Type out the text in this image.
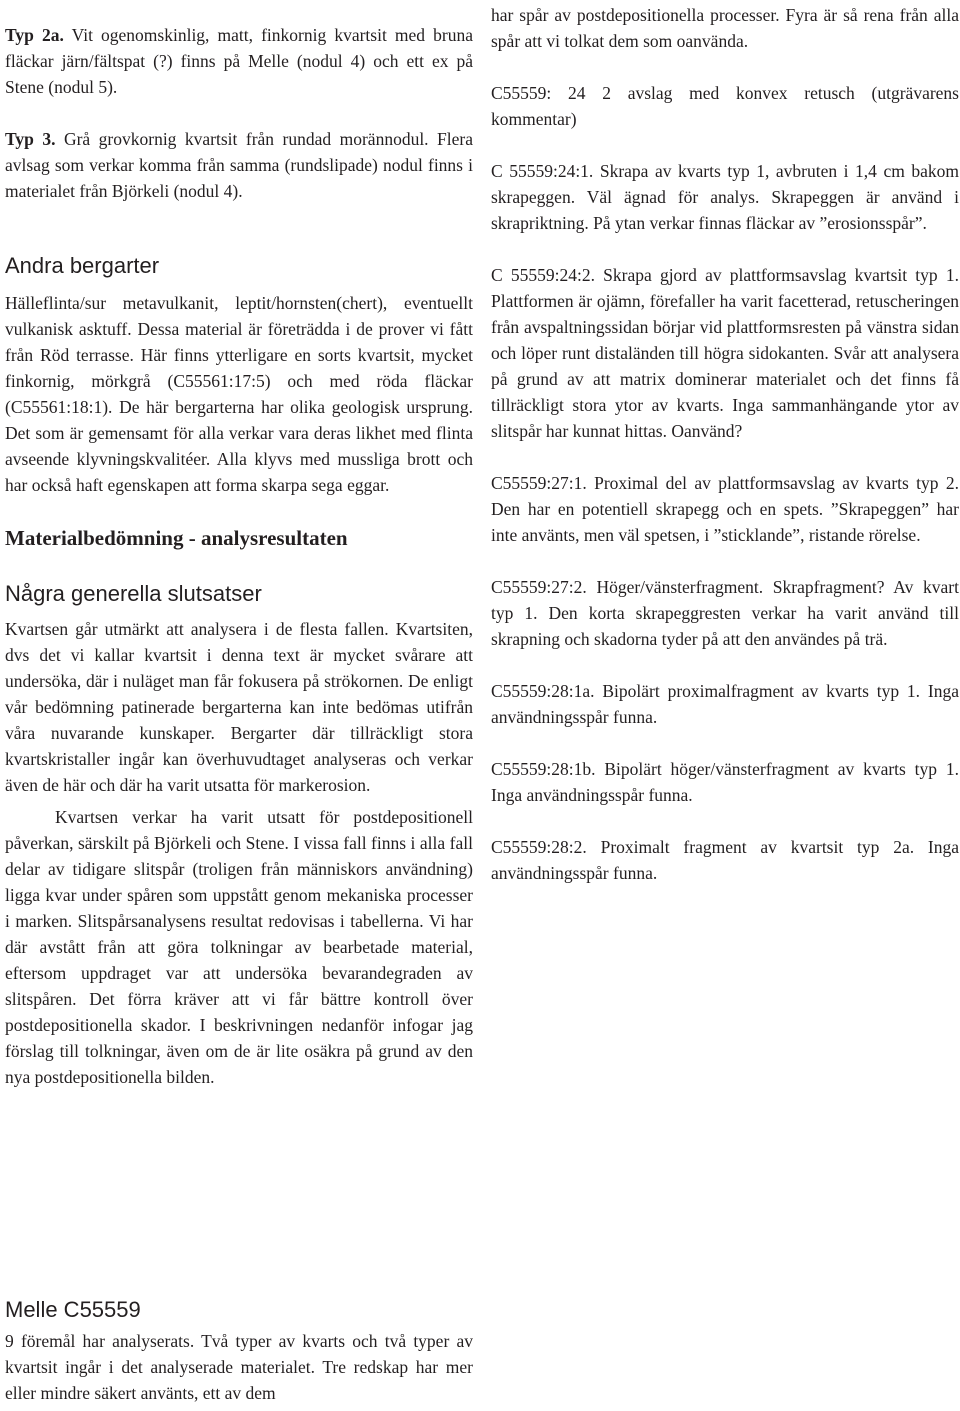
Typ 2a. Vit ogenomskinlig, matt, finkornig kvartsit med bruna fläckar järn/fältspat (?) finns på Melle (nodul 4) och ett ex på Stene (nodul 5).

Typ 3. Grå grovkornig kvartsit från rundad morännodul. Flera avlsag som verkar komma från samma (rundslipade) nodul finns i materialet från Björkeli (nodul 4).

Andra bergarter

Hälleflinta/sur metavulkanit, leptit/hornsten(chert), eventuellt vulkanisk asktuff. Dessa material är företrädda i de prover vi fått från Röd terrasse. Här finns ytterligare en sorts kvartsit, mycket finkornig, mörkgrå (C55561:17:5) och med röda fläckar (C55561:18:1). De här bergarterna har olika geologisk ursprung. Det som är gemensamt för alla verkar vara deras likhet med flinta avseende klyvningskvalitéer. Alla klyvs med mussliga brott och har också haft egenskapen att forma skarpa sega eggar.

Materialbedömning - analysresultaten
Några generella slutsatser

Kvartsen går utmärkt att analysera i de flesta fallen. Kvartsiten, dvs det vi kallar kvartsit i denna text är mycket svårare att undersöka, där i nuläget man får fokusera på strökornen. De enligt vår bedömning patinerade bergarterna kan inte bedömas utifrån våra nuvarande kunskaper. Bergarter där tillräckligt stora kvartskristaller ingår kan överhuvudtaget analyseras och verkar även de här och där ha varit utsatta för markerosion.

Kvartsen verkar ha varit utsatt för postdepositionell påverkan, särskilt på Björkeli och Stene. I vissa fall finns i alla fall delar av tidigare slitspår (troligen från människors användning) ligga kvar under spåren som uppstått genom mekaniska processer i marken. Slitspårsanalysens resultat redovisas i tabellerna. Vi har där avstått från att göra tolkningar av bearbetade material, eftersom uppdraget var att undersöka bevarandegraden av slitspåren. Det förra kräver att vi får bättre kontroll över postdepositionella skador. I beskrivningen nedanför infogar jag förslag till tolkningar, även om de är lite osäkra på grund av den nya postdepositionella bilden.

Melle C55559

9 föremål har analyserats. Två typer av kvarts och två typer av kvartsit ingår i det analyserade materialet. Tre redskap har mer eller mindre säkert använts, ett av dem

har spår av postdepositionella processer. Fyra är så rena från alla spår att vi tolkat dem som oanvända.

C55559: 24 2 avslag med konvex retusch (utgrävarens kommentar)

C 55559:24:1. Skrapa av kvarts typ 1, avbruten i 1,4 cm bakom skrapeggen. Väl ägnad för analys. Skrapeggen är använd i skrapriktning. På ytan verkar finnas fläckar av ”erosionsspår”.

C 55559:24:2. Skrapa gjord av plattformsavslag kvartsit typ 1. Plattformen är ojämn, förefaller ha varit facetterad, retuscheringen från avspaltningssidan börjar vid plattformsresten på vänstra sidan och löper runt distaländen till högra sidokanten. Svår att analysera på grund av att matrix dominerar materialet och det finns få tillräckligt stora ytor av kvarts. Inga sammanhängande ytor av slitspår har kunnat hittas. Oanvänd?

C55559:27:1. Proximal del av plattformsavslag av kvarts typ 2. Den har en potentiell skrapegg och en spets. ”Skrapeggen” har inte använts, men väl spetsen, i ”sticklande”, ristande rörelse.

C55559:27:2. Höger/vänsterfragment. Skrapfragment? Av kvart typ 1. Den korta skrapeggresten verkar ha varit använd till skrapning och skadorna tyder på att den användes på trä.

C55559:28:1a. Bipolärt proximalfragment av kvarts typ 1. Inga användningsspår funna.

C55559:28:1b. Bipolärt höger/vänsterfragment av kvarts typ 1. Inga användningsspår funna.

C55559:28:2. Proximalt fragment av kvartsit typ 2a. Inga användningsspår funna.
